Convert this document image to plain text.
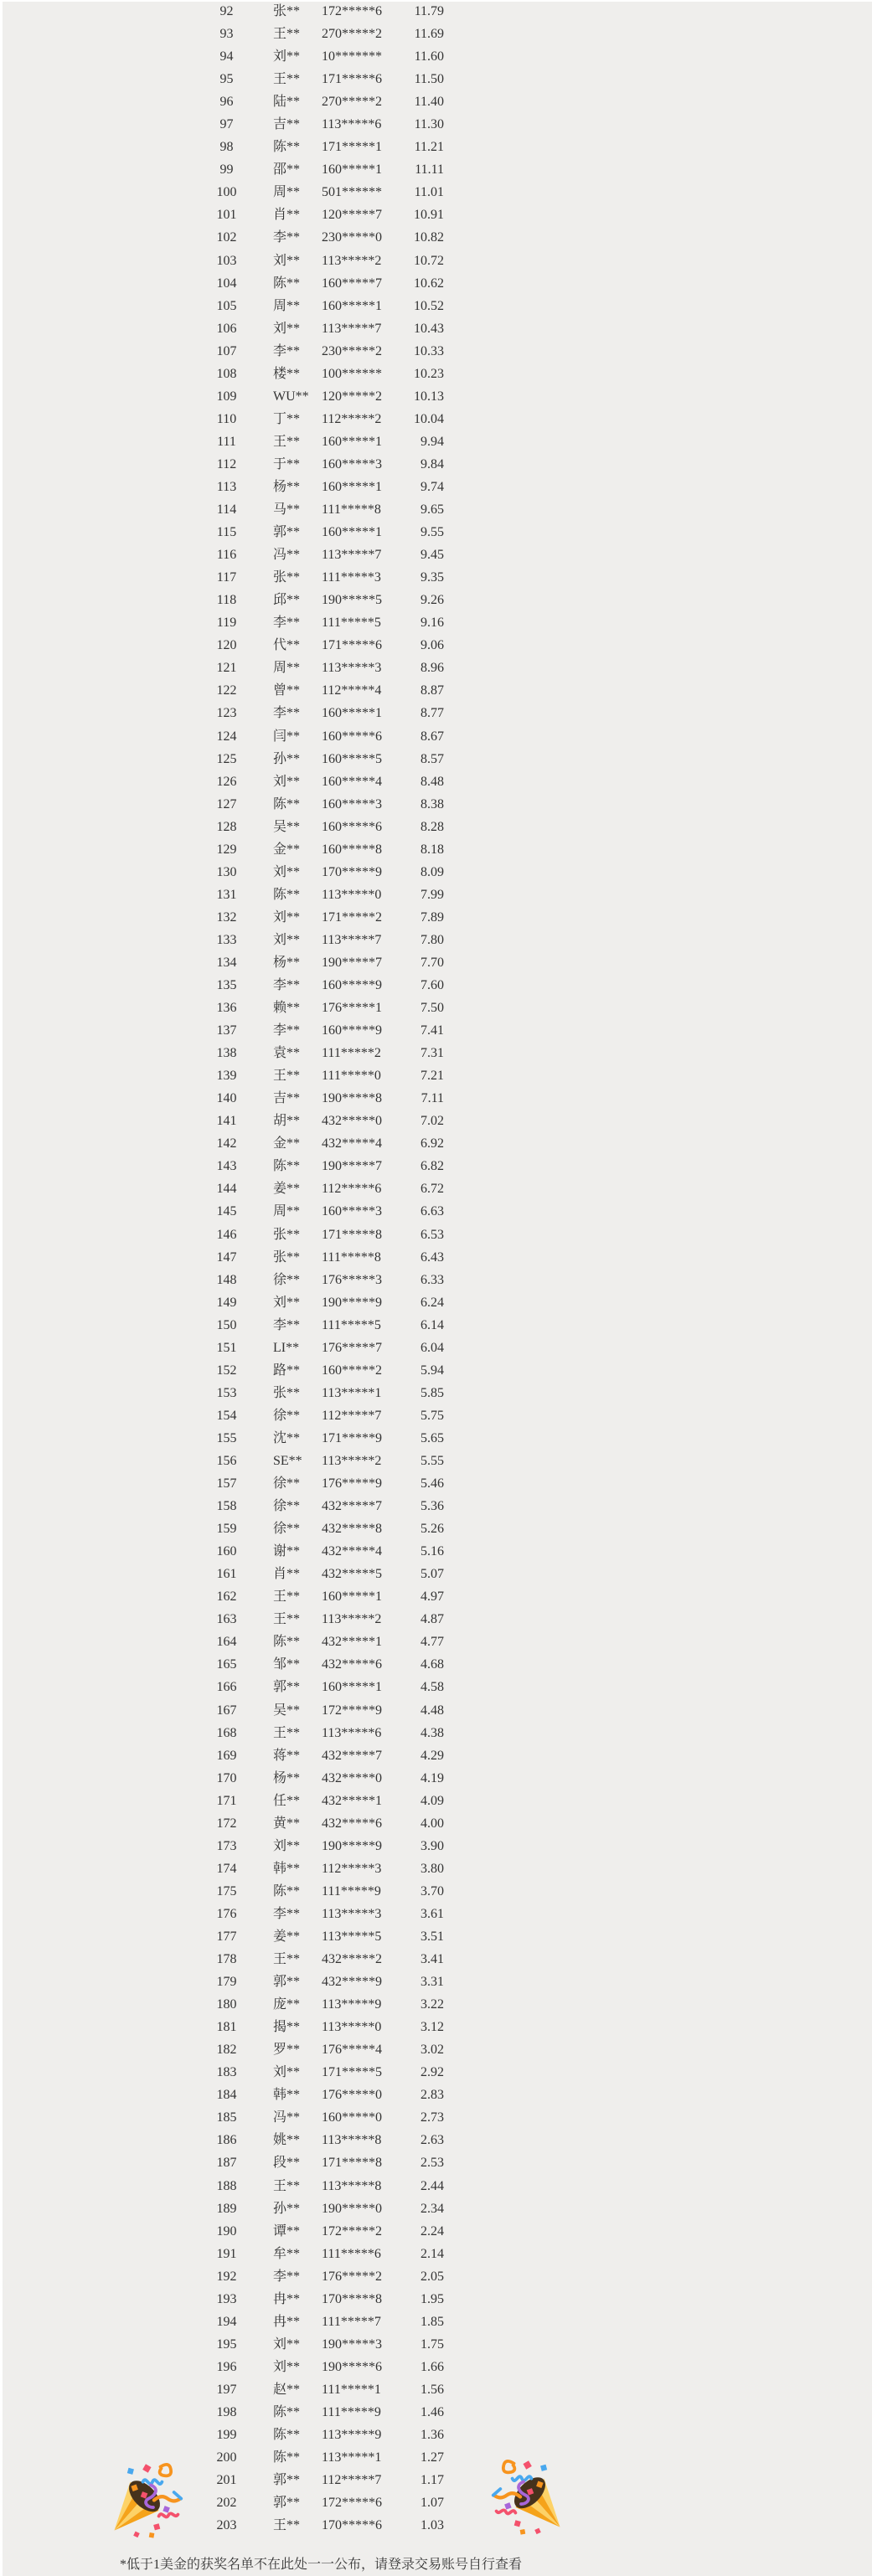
92	张**	172*****6	11.79
93	王**	270*****2	11.69
94	刘**	10*******	11.60
95	王**	171*****6	11.50
96	陆**	270*****2	11.40
97	吉**	113*****6	11.30
98	陈**	171*****1	11.21
99	邵**	160*****1	11.11
100	周**	501******	11.01
101	肖**	120*****7	10.91
102	李**	230*****0	10.82
103	刘**	113*****2	10.72
104	陈**	160*****7	10.62
105	周**	160*****1	10.52
106	刘**	113*****7	10.43
107	李**	230*****2	10.33
108	楼**	100******	10.23
109	WU** 120*****2	10.13
110	丁**	112*****2	10.04
111	王**	160*****1	9.94
112	于**	160*****3	9.84
113	杨**	160*****1	9.74
114	马**	111*****8	9.65
115	郭**	160*****1	9.55
116	冯**	113*****7	9.45
117	张**	111*****3	9.35
118	邱**	190*****5	9.26
119	李**	111*****5	9.16
120	代**	171*****6	9.06
121	周**	113*****3	8.96
122	曾**	112*****4	8.87
123	李**	160*****1	8.77
124	闫**	160*****6	8.67
125	孙**	160*****5	8.57
126	刘**	160*****4	8.48
127	陈**	160*****3	8.38
128	吴**	160*****6	8.28
129	金**	160*****8	8.18
130	刘**	170*****9	8.09
131	陈**	113*****0	7.99
132	刘**	171*****2	7.89
133	刘**	113*****7	7.80
134	杨**	190*****7	7.70
135	李**	160*****9	7.60
136	赖**	176*****1	7.50
137	李**	160*****9	7.41
138	袁**	111*****2	7.31
139	王**	111*****0	7.21
140	吉**	190*****8	7.11
141	胡**	432*****0	7.02
142	金**	432*****4	6.92
143	陈**	190*****7	6.82
144	姜**	112*****6	6.72
145	周**	160*****3	6.63
146	张**	171*****8	6.53
147	张**	111*****8	6.43
148	徐**	176*****3	6.33
149	刘**	190*****9	6.24
150	李**	111*****5	6.14
151	LI**	176*****7	6.04
152	路**	160*****2	5.94
153	张**	113*****1	5.85
154	徐**	112*****7	5.75
155	沈**	171*****9	5.65
156	SE**	113*****2	5.55
157	徐**	176*****9	5.46
158	徐**	432*****7	5.36
159	徐**	432*****8	5.26
160	谢**	432*****4	5.16
161	肖**	432*****5	5.07
162	王**	160*****1	4.97
163	王**	113*****2	4.87
164	陈**	432*****1	4.77
165	邹**	432*****6	4.68
166	郭**	160*****1	4.58
167	吴**	172*****9	4.48
168	王**	113*****6	4.38
169	蒋**	432*****7	4.29
170	杨**	432*****0	4.19
171	任**	432*****1	4.09
172	黄**	432*****6	4.00
173	刘**	190*****9	3.90
174	韩**	112*****3	3.80
175	陈**	111*****9	3.70
176	李**	113*****3	3.61
177	姜**	113*****5	3.51
178	王**	432*****2	3.41
179	郭**	432*****9	3.31
180	庞**	113*****9	3.22
181	揭**	113*****0	3.12
182	罗**	176*****4	3.02
183	刘**	171*****5	2.92
184	韩**	176*****0	2.83
185	冯**	160*****0	2.73
186	姚**	113*****8	2.63
187	段**	171*****8	2.53
188	王**	113*****8	2.44
189	孙**	190*****0	2.34
190	谭**	172*****2	2.24
191	牟**	111*****6	2.14
192	李**	176*****2	2.05
193	冉**	170*****8	1.95
194	冉**	111*****7	1.85
195	刘**	190*****3	1.75
196	刘**	190*****6	1.66
197	赵**	111*****1	1.56
198	陈**	111*****9	1.46
199	陈**	113*****9	1.36
200	陈**	113*****1	1.27
201	郭**	112*****7	1.17
202	郭**	172*****6	1.07
203	王**	170*****6	1.03
*低于1美金的获奖名单不在此处一一公布，请登录交易账号自行查看
